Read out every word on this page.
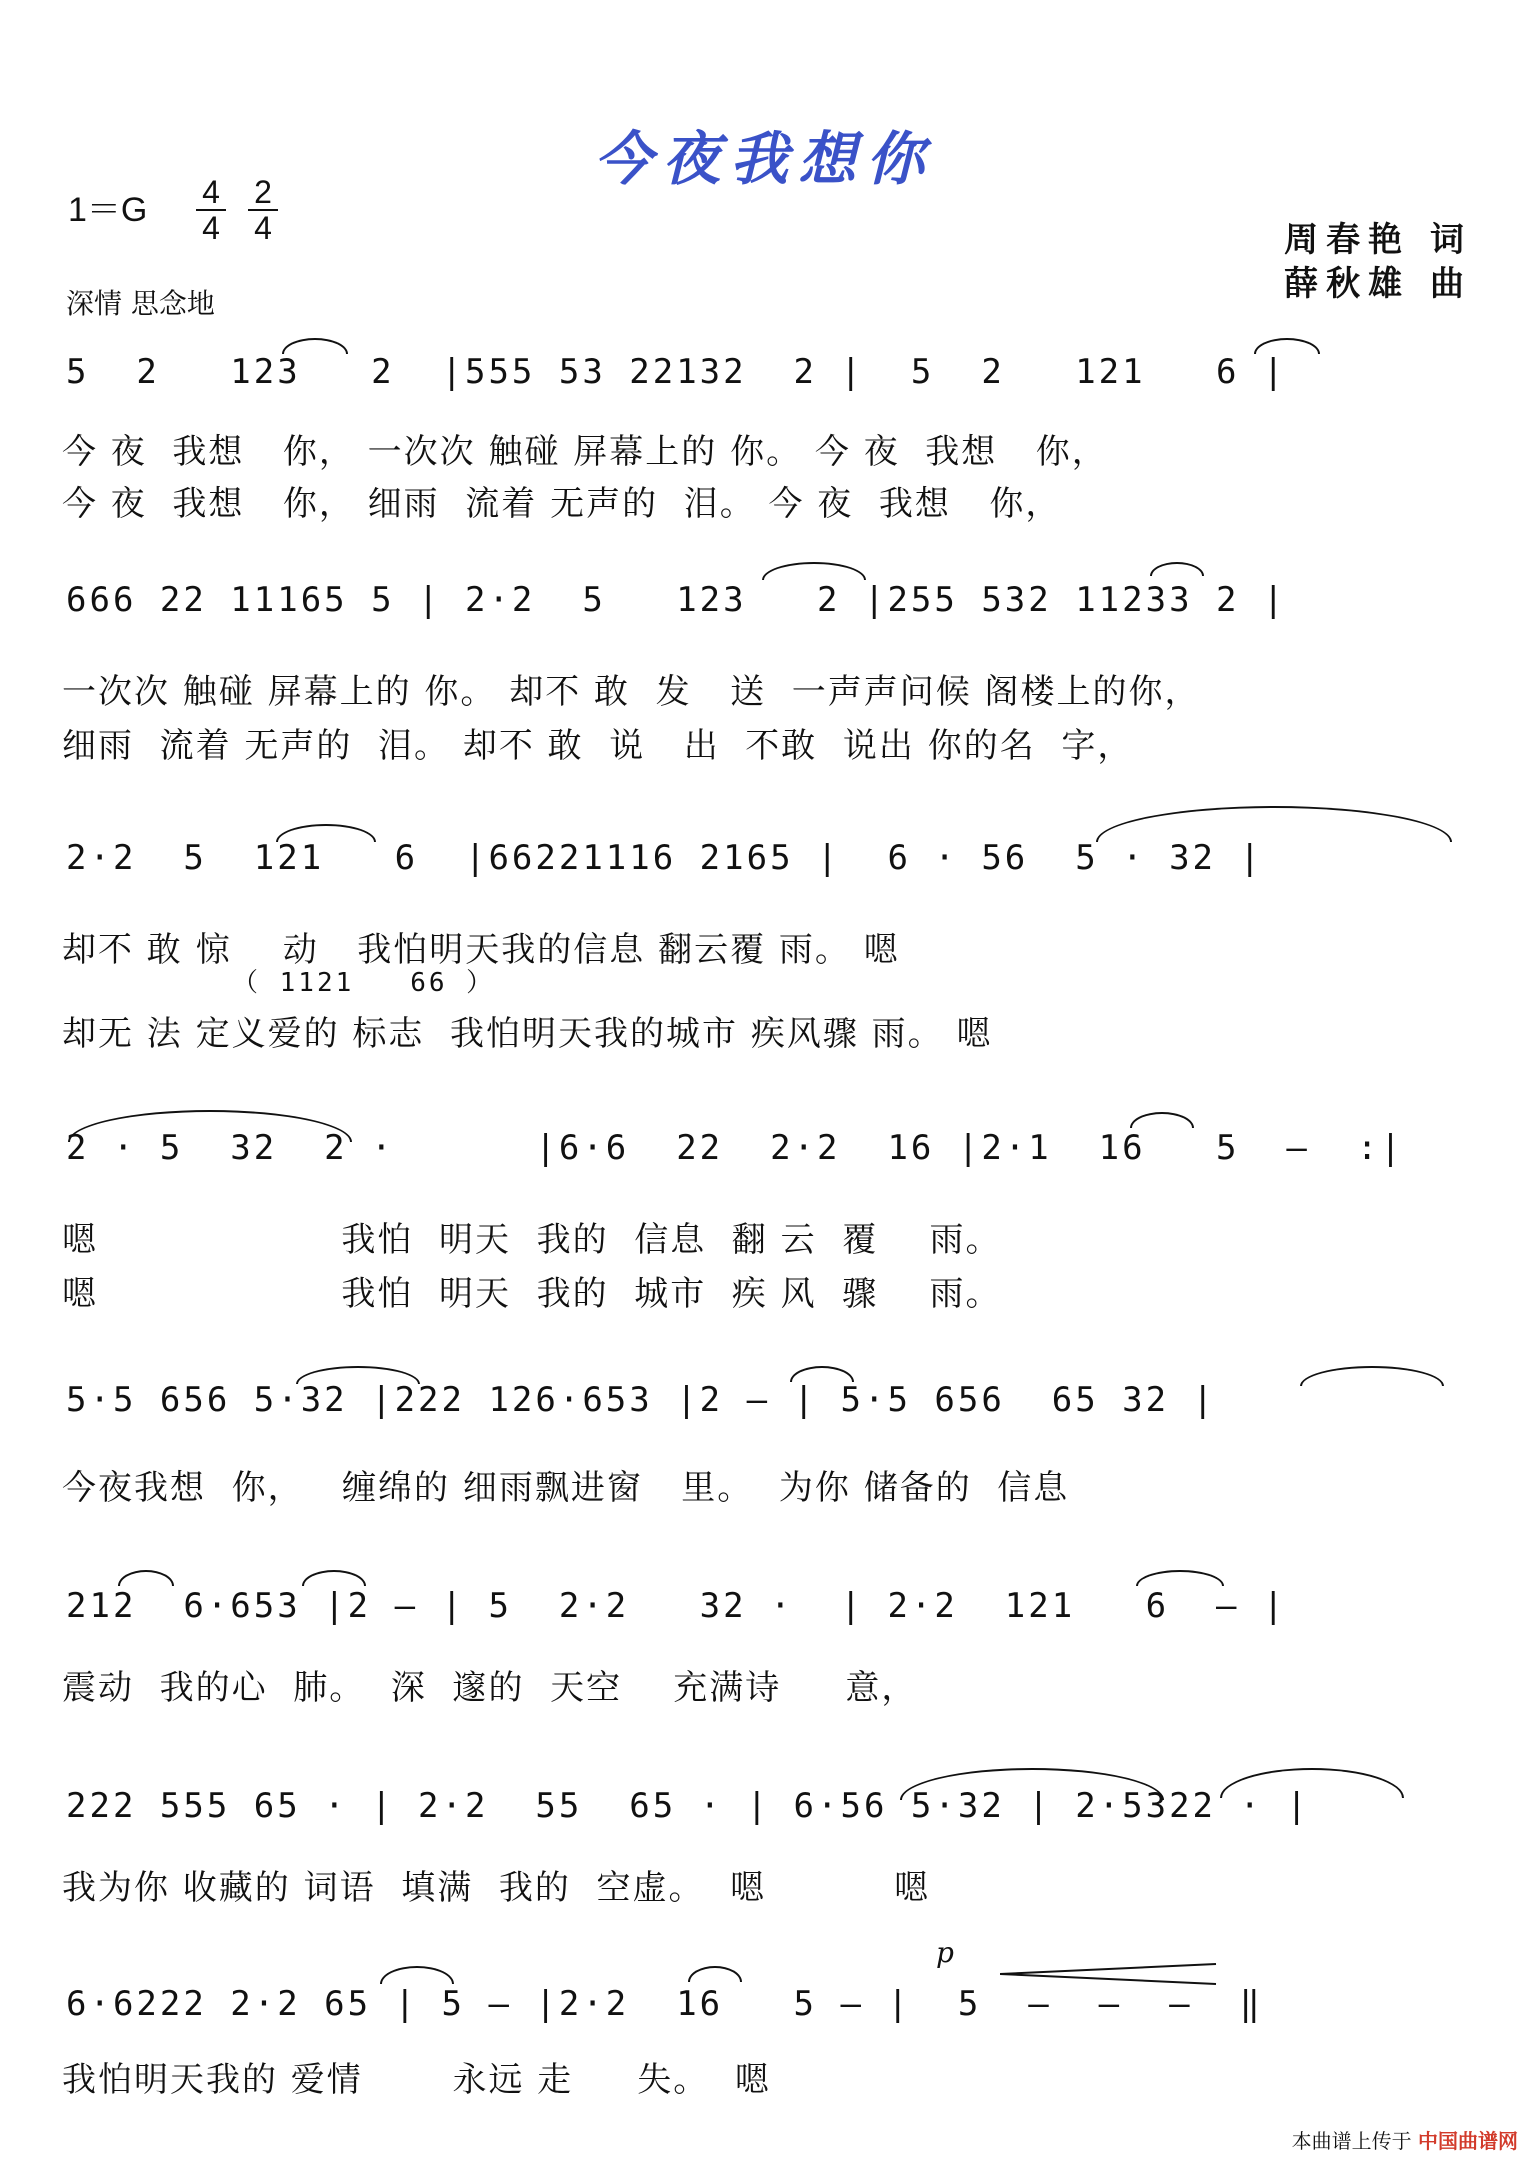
今夜我想你
1＝G 4
4
2
4	周春艳 词
薛秋雄 曲
深情 思念地
5  2   123   2  |555 53 22132  2 |  5  2   121   6 |
今 夜  我想   你， 一次次 触碰 屏幕上的 你。 今 夜  我想   你，
今 夜  我想   你， 细雨  流着 无声的  泪。 今 夜  我想   你，
666 22 11165 5 | 2·2  5   123   2 |255 532 11233 2 |
一次次 触碰 屏幕上的 你。 却不 敢  发   送  一声声问候 阁楼上的你，
细雨  流着 无声的  泪。 却不 敢  说   出  不敢  说出 你的名  字，
2·2  5  121   6  |66221116 2165 |  6 · 56  5 · 32 |
却不 敢 惊    动   我怕明天我的信息 翻云覆 雨。 嗯
（ 1121   66 ）
却无 法 定义爱的 标志  我怕明天我的城市 疾风骤 雨。 嗯
2 · 5  32  2 ·      |6·6  22  2·2  16 |2·1  16   5  —  :|
嗯                   我怕  明天  我的  信息  翻 云  覆    雨。
嗯                   我怕  明天  我的  城市  疾 风  骤    雨。
5·5 656 5·32 |222 126·653 |2 — | 5·5 656  65 32 |
今夜我想  你，   缠绵的 细雨飘进窗   里。  为你 储备的  信息
212  6·653 |2 — | 5  2·2   32 ·  | 2·2  121   6  — |
震动  我的心  肺。  深  邃的  天空    充满诗     意，
222 555 65 · | 2·2  55  65 · | 6·56 5·32 | 2·5322 · |
我为你 收藏的 词语  填满  我的  空虚。  嗯          嗯
p
6·6222 2·2 65 | 5 — |2·2  16   5 — |  5  —  —  —  ‖
我怕明天我的 爱情       永远 走     失。  嗯
本曲谱上传于 中国曲谱网
